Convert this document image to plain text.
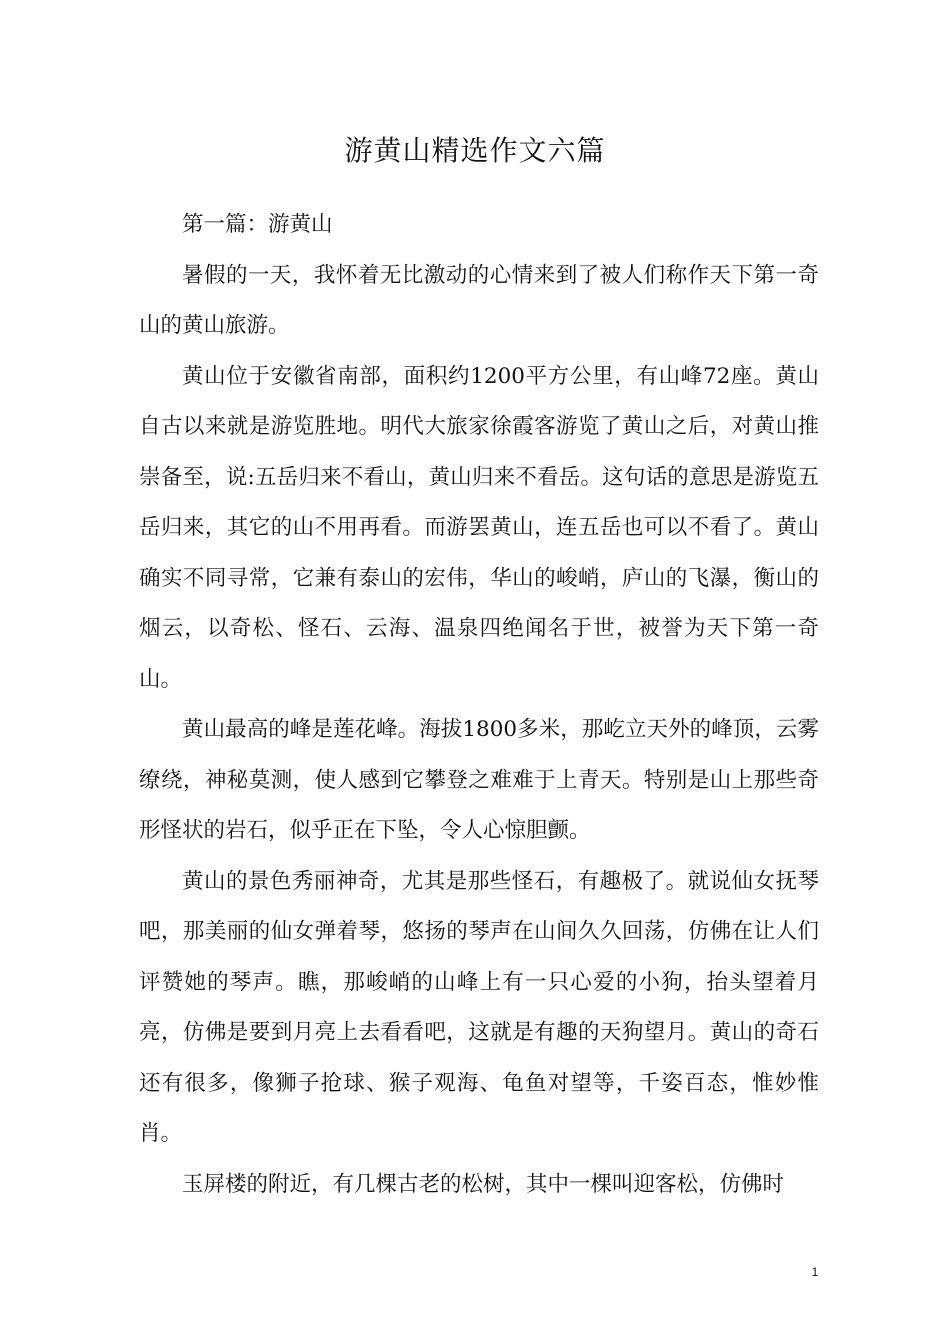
游黄山精选作文六篇

第一篇：游黄山

暑假的一天，我怀着无比激动的心情来到了被人们称作天下第一奇山的黄山旅游。

黄山位于安徽省南部，面积约1200平方公里，有山峰72座。黄山自古以来就是游览胜地。明代大旅家徐霞客游览了黄山之后，对黄山推崇备至，说:五岳归来不看山，黄山归来不看岳。这句话的意思是游览五岳归来，其它的山不用再看。而游罢黄山，连五岳也可以不看了。黄山确实不同寻常，它兼有泰山的宏伟，华山的峻峭，庐山的飞瀑，衡山的烟云，以奇松、怪石、云海、温泉四绝闻名于世，被誉为天下第一奇山。

黄山最高的峰是莲花峰。海拔1800多米，那屹立天外的峰顶，云雾缭绕，神秘莫测，使人感到它攀登之难难于上青天。特别是山上那些奇形怪状的岩石，似乎正在下坠，令人心惊胆颤。

黄山的景色秀丽神奇，尤其是那些怪石，有趣极了。就说仙女抚琴吧，那美丽的仙女弹着琴，悠扬的琴声在山间久久回荡，仿佛在让人们评赞她的琴声。瞧，那峻峭的山峰上有一只心爱的小狗，抬头望着月亮，仿佛是要到月亮上去看看吧，这就是有趣的天狗望月。黄山的奇石还有很多，像狮子抢球、猴子观海、龟鱼对望等，千姿百态，惟妙惟肖。

玉屏楼的附近，有几棵古老的松树，其中一棵叫迎客松，仿佛时

1
